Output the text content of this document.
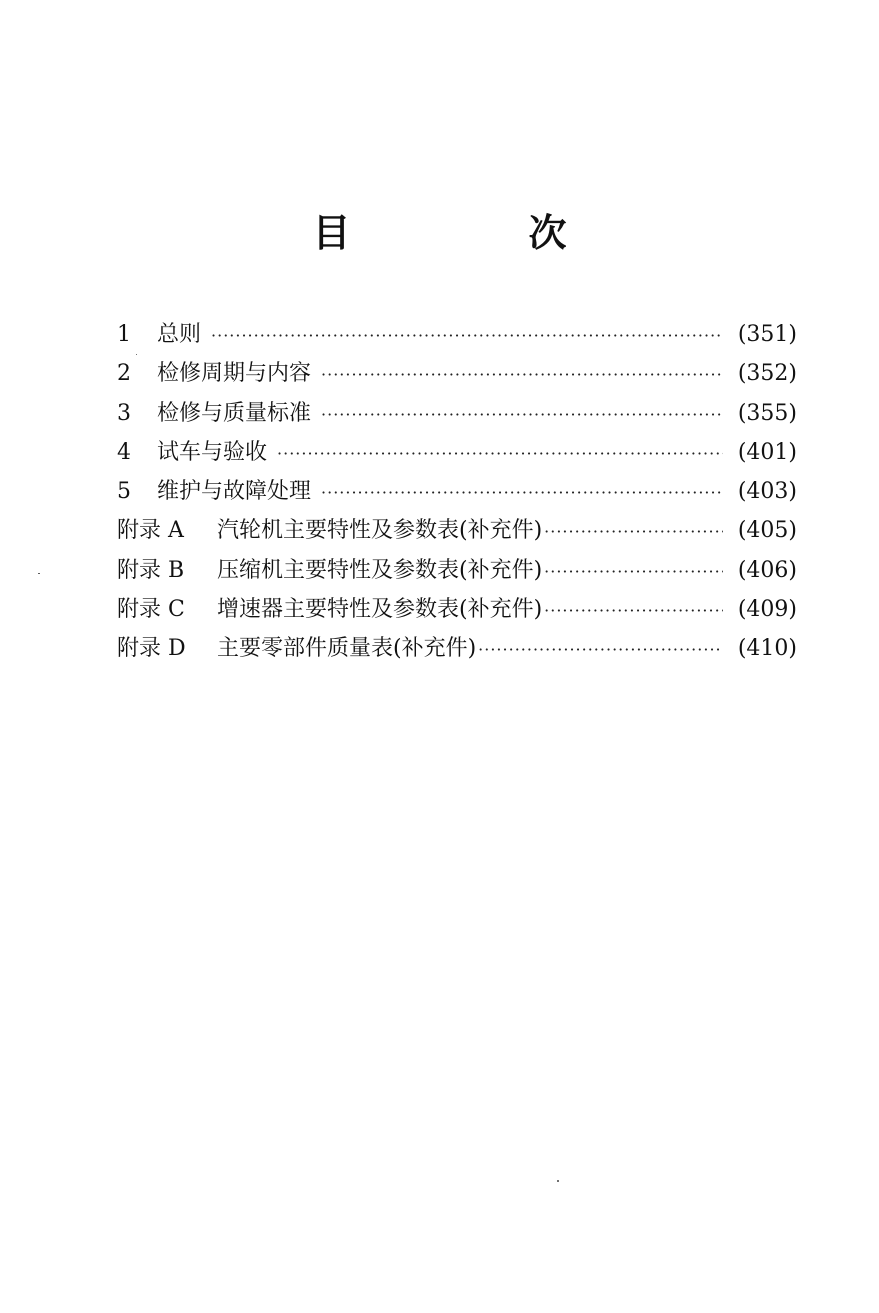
目　次
1	总则 ·····	(351)
2	检修周期与内容 ·····	(352)
3	检修与质量标准 ·····	(355)
4	试车与验收 ·····	(401)
5	维护与故障处理 ·····	(403)
附录 A	汽轮机主要特性及参数表(补充件) ·····	(405)
附录 B	压缩机主要特性及参数表(补充件) ·····	(406)
附录 C	增速器主要特性及参数表(补充件) ·····	(409)
附录 D	主要零部件质量表(补充件) ·····	(410)
